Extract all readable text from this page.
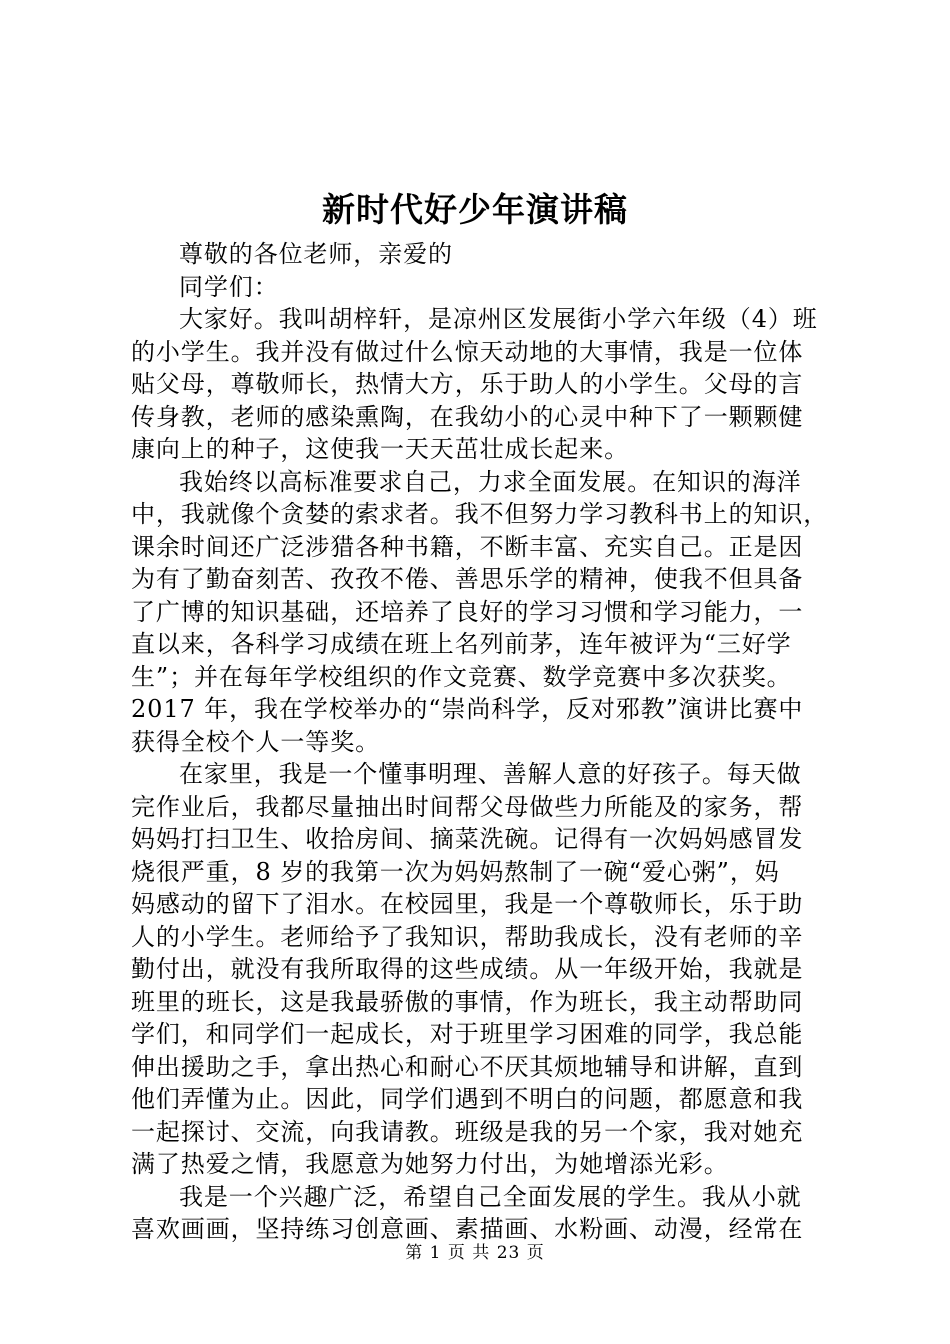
新时代好少年演讲稿
尊敬的各位老师，亲爱的
同学们：
大家好。我叫胡梓轩，是凉州区发展街小学六年级（4）班
的小学生。我并没有做过什么惊天动地的大事情，我是一位体
贴父母，尊敬师长，热情大方，乐于助人的小学生。父母的言
传身教，老师的感染熏陶，在我幼小的心灵中种下了一颗颗健
康向上的种子，这使我一天天茁壮成长起来。
我始终以高标准要求自己，力求全面发展。在知识的海洋
中，我就像个贪婪的索求者。我不但努力学习教科书上的知识，
课余时间还广泛涉猎各种书籍，不断丰富、充实自己。正是因
为有了勤奋刻苦、孜孜不倦、善思乐学的精神，使我不但具备
了广博的知识基础，还培养了良好的学习习惯和学习能力，一
直以来，各科学习成绩在班上名列前茅，连年被评为“三好学
生”；并在每年学校组织的作文竞赛、数学竞赛中多次获奖。
2017 年，我在学校举办的“崇尚科学，反对邪教”演讲比赛中
获得全校个人一等奖。
在家里，我是一个懂事明理、善解人意的好孩子。每天做
完作业后，我都尽量抽出时间帮父母做些力所能及的家务，帮
妈妈打扫卫生、收拾房间、摘菜洗碗。记得有一次妈妈感冒发
烧很严重，8 岁的我第一次为妈妈熬制了一碗“爱心粥”，妈
妈感动的留下了泪水。在校园里，我是一个尊敬师长，乐于助
人的小学生。老师给予了我知识，帮助我成长，没有老师的辛
勤付出，就没有我所取得的这些成绩。从一年级开始，我就是
班里的班长，这是我最骄傲的事情，作为班长，我主动帮助同
学们，和同学们一起成长，对于班里学习困难的同学，我总能
伸出援助之手，拿出热心和耐心不厌其烦地辅导和讲解，直到
他们弄懂为止。因此，同学们遇到不明白的问题，都愿意和我
一起探讨、交流，向我请教。班级是我的另一个家，我对她充
满了热爱之情，我愿意为她努力付出，为她增添光彩。
我是一个兴趣广泛，希望自己全面发展的学生。我从小就
喜欢画画，坚持练习创意画、素描画、水粉画、动漫，经常在
第 1 页 共 23 页
